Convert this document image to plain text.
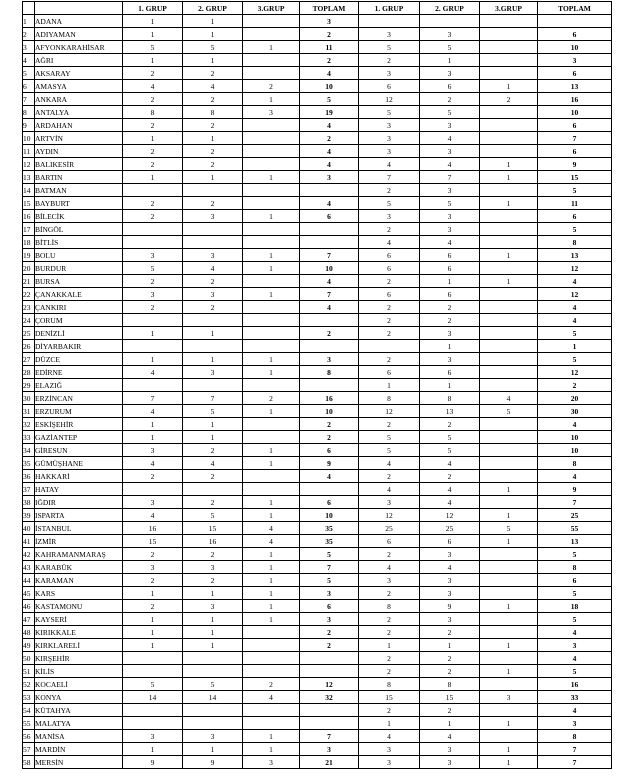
		1. GRUP	2. GRUP	3.GRUP	TOPLAM	1. GRUP	2. GRUP	3.GRUP	TOPLAM
1	ADANA	1	1		3				
2	ADIYAMAN	1	1		2	3	3		6
3	AFYONKARAHİSAR	5	5	1	11	5	5		10
4	AĞRI	1	1		2	2	1		3
5	AKSARAY	2	2		4	3	3		6
6	AMASYA	4	4	2	10	6	6	1	13
7	ANKARA	2	2	1	5	12	2	2	16
8	ANTALYA	8	8	3	19	5	5		10
9	ARDAHAN	2	2		4	3	3		6
10	ARTVİN	1	1		2	3	4		7
11	AYDIN	2	2		4	3	3		6
12	BALIKESİR	2	2		4	4	4	1	9
13	BARTIN	1	1	1	3	7	7	1	15
14	BATMAN					2	3		5
15	BAYBURT	2	2		4	5	5	1	11
16	BİLECİK	2	3	1	6	3	3		6
17	BİNGÖL					2	3		5
18	BİTLİS					4	4		8
19	BOLU	3	3	1	7	6	6	1	13
20	BURDUR	5	4	1	10	6	6		12
21	BURSA	2	2		4	2	1	1	4
22	ÇANAKKALE	3	3	1	7	6	6		12
23	ÇANKIRI	2	2		4	2	2		4
24	ÇORUM					2	2		4
25	DENİZLİ	1	1		2	2	3		5
26	DİYARBAKIR						1		1
27	DÜZCE	1	1	1	3	2	3		5
28	EDİRNE	4	3	1	8	6	6		12
29	ELAZIĞ					1	1		2
30	ERZİNCAN	7	7	2	16	8	8	4	20
31	ERZURUM	4	5	1	10	12	13	5	30
32	ESKİŞEHİR	1	1		2	2	2		4
33	GAZİANTEP	1	1		2	5	5		10
34	GİRESUN	3	2	1	6	5	5		10
35	GÜMÜŞHANE	4	4	1	9	4	4		8
36	HAKKARİ	2	2		4	2	2		4
37	HATAY					4	4	1	9
38	IĞDIR	3	2	1	6	3	4		7
39	ISPARTA	4	5	1	10	12	12	1	25
40	İSTANBUL	16	15	4	35	25	25	5	55
41	İZMİR	15	16	4	35	6	6	1	13
42	KAHRAMANMARAŞ	2	2	1	5	2	3		5
43	KARABÜK	3	3	1	7	4	4		8
44	KARAMAN	2	2	1	5	3	3		6
45	KARS	1	1	1	3	2	3		5
46	KASTAMONU	2	3	1	6	8	9	1	18
47	KAYSERİ	1	1	1	3	2	3		5
48	KIRIKKALE	1	1		2	2	2		4
49	KIRKLARELİ	1	1		2	1	1	1	3
50	KIRŞEHİR					2	2		4
51	KİLİS					2	2	1	5
52	KOCAELİ	5	5	2	12	8	8		16
53	KONYA	14	14	4	32	15	15	3	33
54	KÜTAHYA					2	2		4
55	MALATYA					1	1	1	3
56	MANİSA	3	3	1	7	4	4		8
57	MARDİN	1	1	1	3	3	3	1	7
58	MERSİN	9	9	3	21	3	3	1	7
